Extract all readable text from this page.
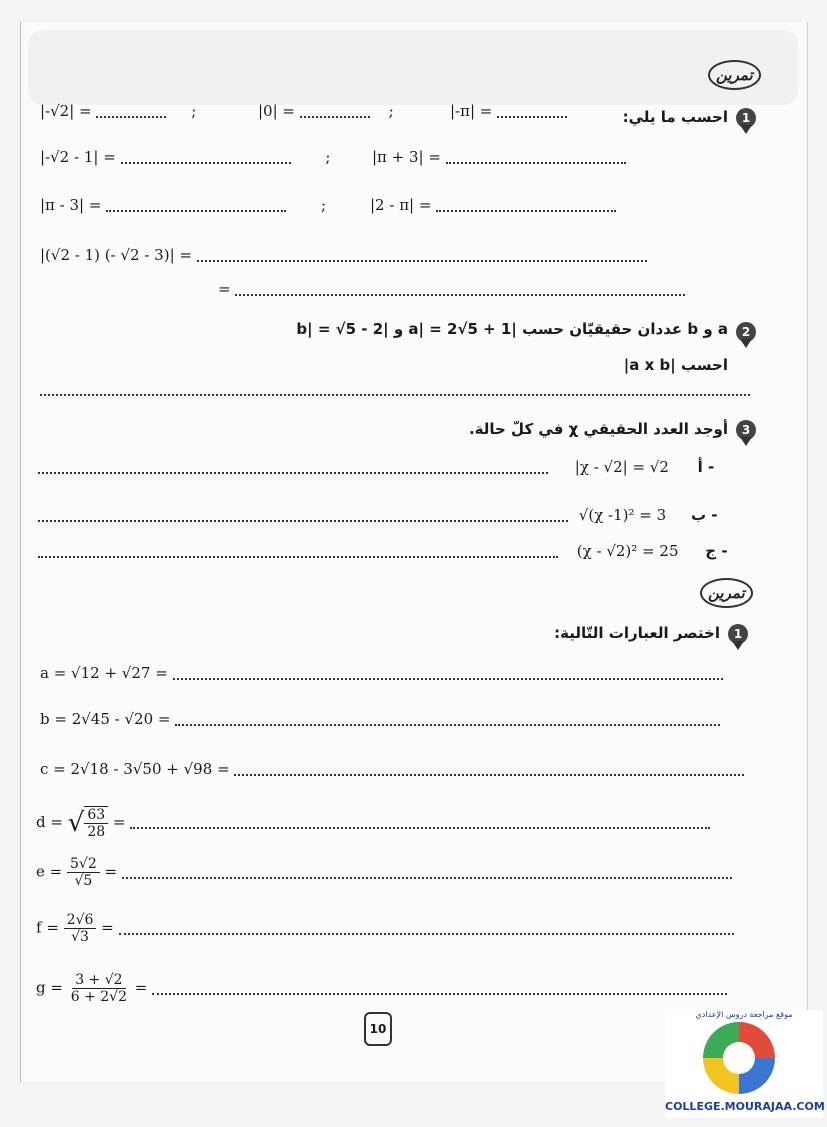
تمرين
1
احسب ما يلي:
|-√2| =	;	|0| =	;	|-π| =
|-√2 - 1| =	;	|π + 3| =
|π - 3| =	;	|2 - π| =
|(√2 - 1) (- √2 - 3)| =
=
2
a و b عددان حقيقيّان حسب |a| = 2√5 + 1 و |b| = √5 - 2
احسب |a x b|
3
أوجد العدد الحقيقي χ في كلّ حالة.
|χ - √2| = √2 أ -
√(χ -1)² = 3 ب -
(χ - √2)² = 25 ج -
تمرين
1
اختصر العبارات التّالية:
a = √12 + √27 =
b = 2√45 - √20 =
c = 2√18 - 3√50 + √98 =
d = √ $\frac{63}{28}$ =
$e = \frac{5√2}{√5}$ =
$f = \frac{2√6}{√3}$ =
$g = \frac{3 + √2}{6 + 2√2}$ =
10
موقع مراجعة دروس الإعدادي
COLLEGE.MOURAJAA.COM
